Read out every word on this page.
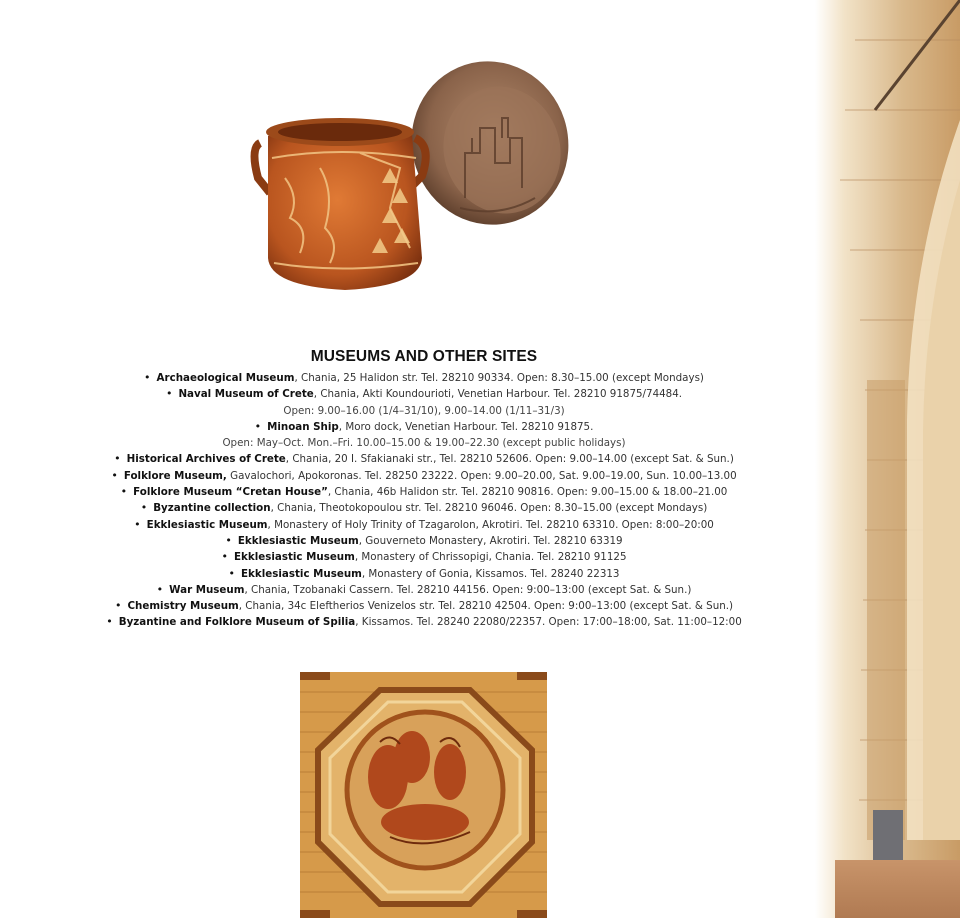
MUSEUMS AND OTHER SITES
• Archaeological Museum, Chania, 25 Halidon str. Tel. 28210 90334. Open: 8.30–15.00 (except Mondays)
• Naval Museum of Crete, Chania, Akti Koundourioti, Venetian Harbour. Tel. 28210 91875/74484.
Open: 9.00–16.00 (1/4–31/10), 9.00–14.00 (1/11–31/3)
• Minoan Ship, Moro dock, Venetian Harbour. Tel. 28210 91875.
Open: May–Oct. Mon.–Fri. 10.00–15.00 & 19.00–22.30 (except public holidays)
• Historical Archives of Crete, Chania, 20 I. Sfakianaki str., Tel. 28210 52606. Open: 9.00–14.00 (except Sat. & Sun.)
• Folklore Museum, Gavalochori, Apokoronas. Tel. 28250 23222. Open: 9.00–20.00, Sat. 9.00–19.00, Sun. 10.00–13.00
• Folklore Museum “Cretan House”, Chania, 46b Halidon str. Tel. 28210 90816. Open: 9.00–15.00 & 18.00–21.00
• Byzantine collection, Chania, Theotokopoulou str. Tel. 28210 96046. Open: 8.30–15.00 (except Mondays)
• Ekklesiastic Museum, Monastery of Holy Trinity of Tzagarolon, Akrotiri. Tel. 28210 63310. Open: 8:00–20:00
• Ekklesiastic Museum, Gouverneto Monastery, Akrotiri. Tel. 28210 63319
• Ekklesiastic Museum, Monastery of Chrissopigi, Chania. Tel. 28210 91125
• Ekklesiastic Museum, Monastery of Gonia, Kissamos. Tel. 28240 22313
• War Museum, Chania, Tzobanaki Cassern. Tel. 28210 44156. Open: 9:00–13:00 (except Sat. & Sun.)
• Chemistry Museum, Chania, 34c Eleftherios Venizelos str. Tel. 28210 42504. Open: 9:00–13:00 (except Sat. & Sun.)
• Byzantine and Folklore Museum of Spilia, Kissamos. Tel. 28240 22080/22357. Open: 17:00–18:00, Sat. 11:00–12:00
